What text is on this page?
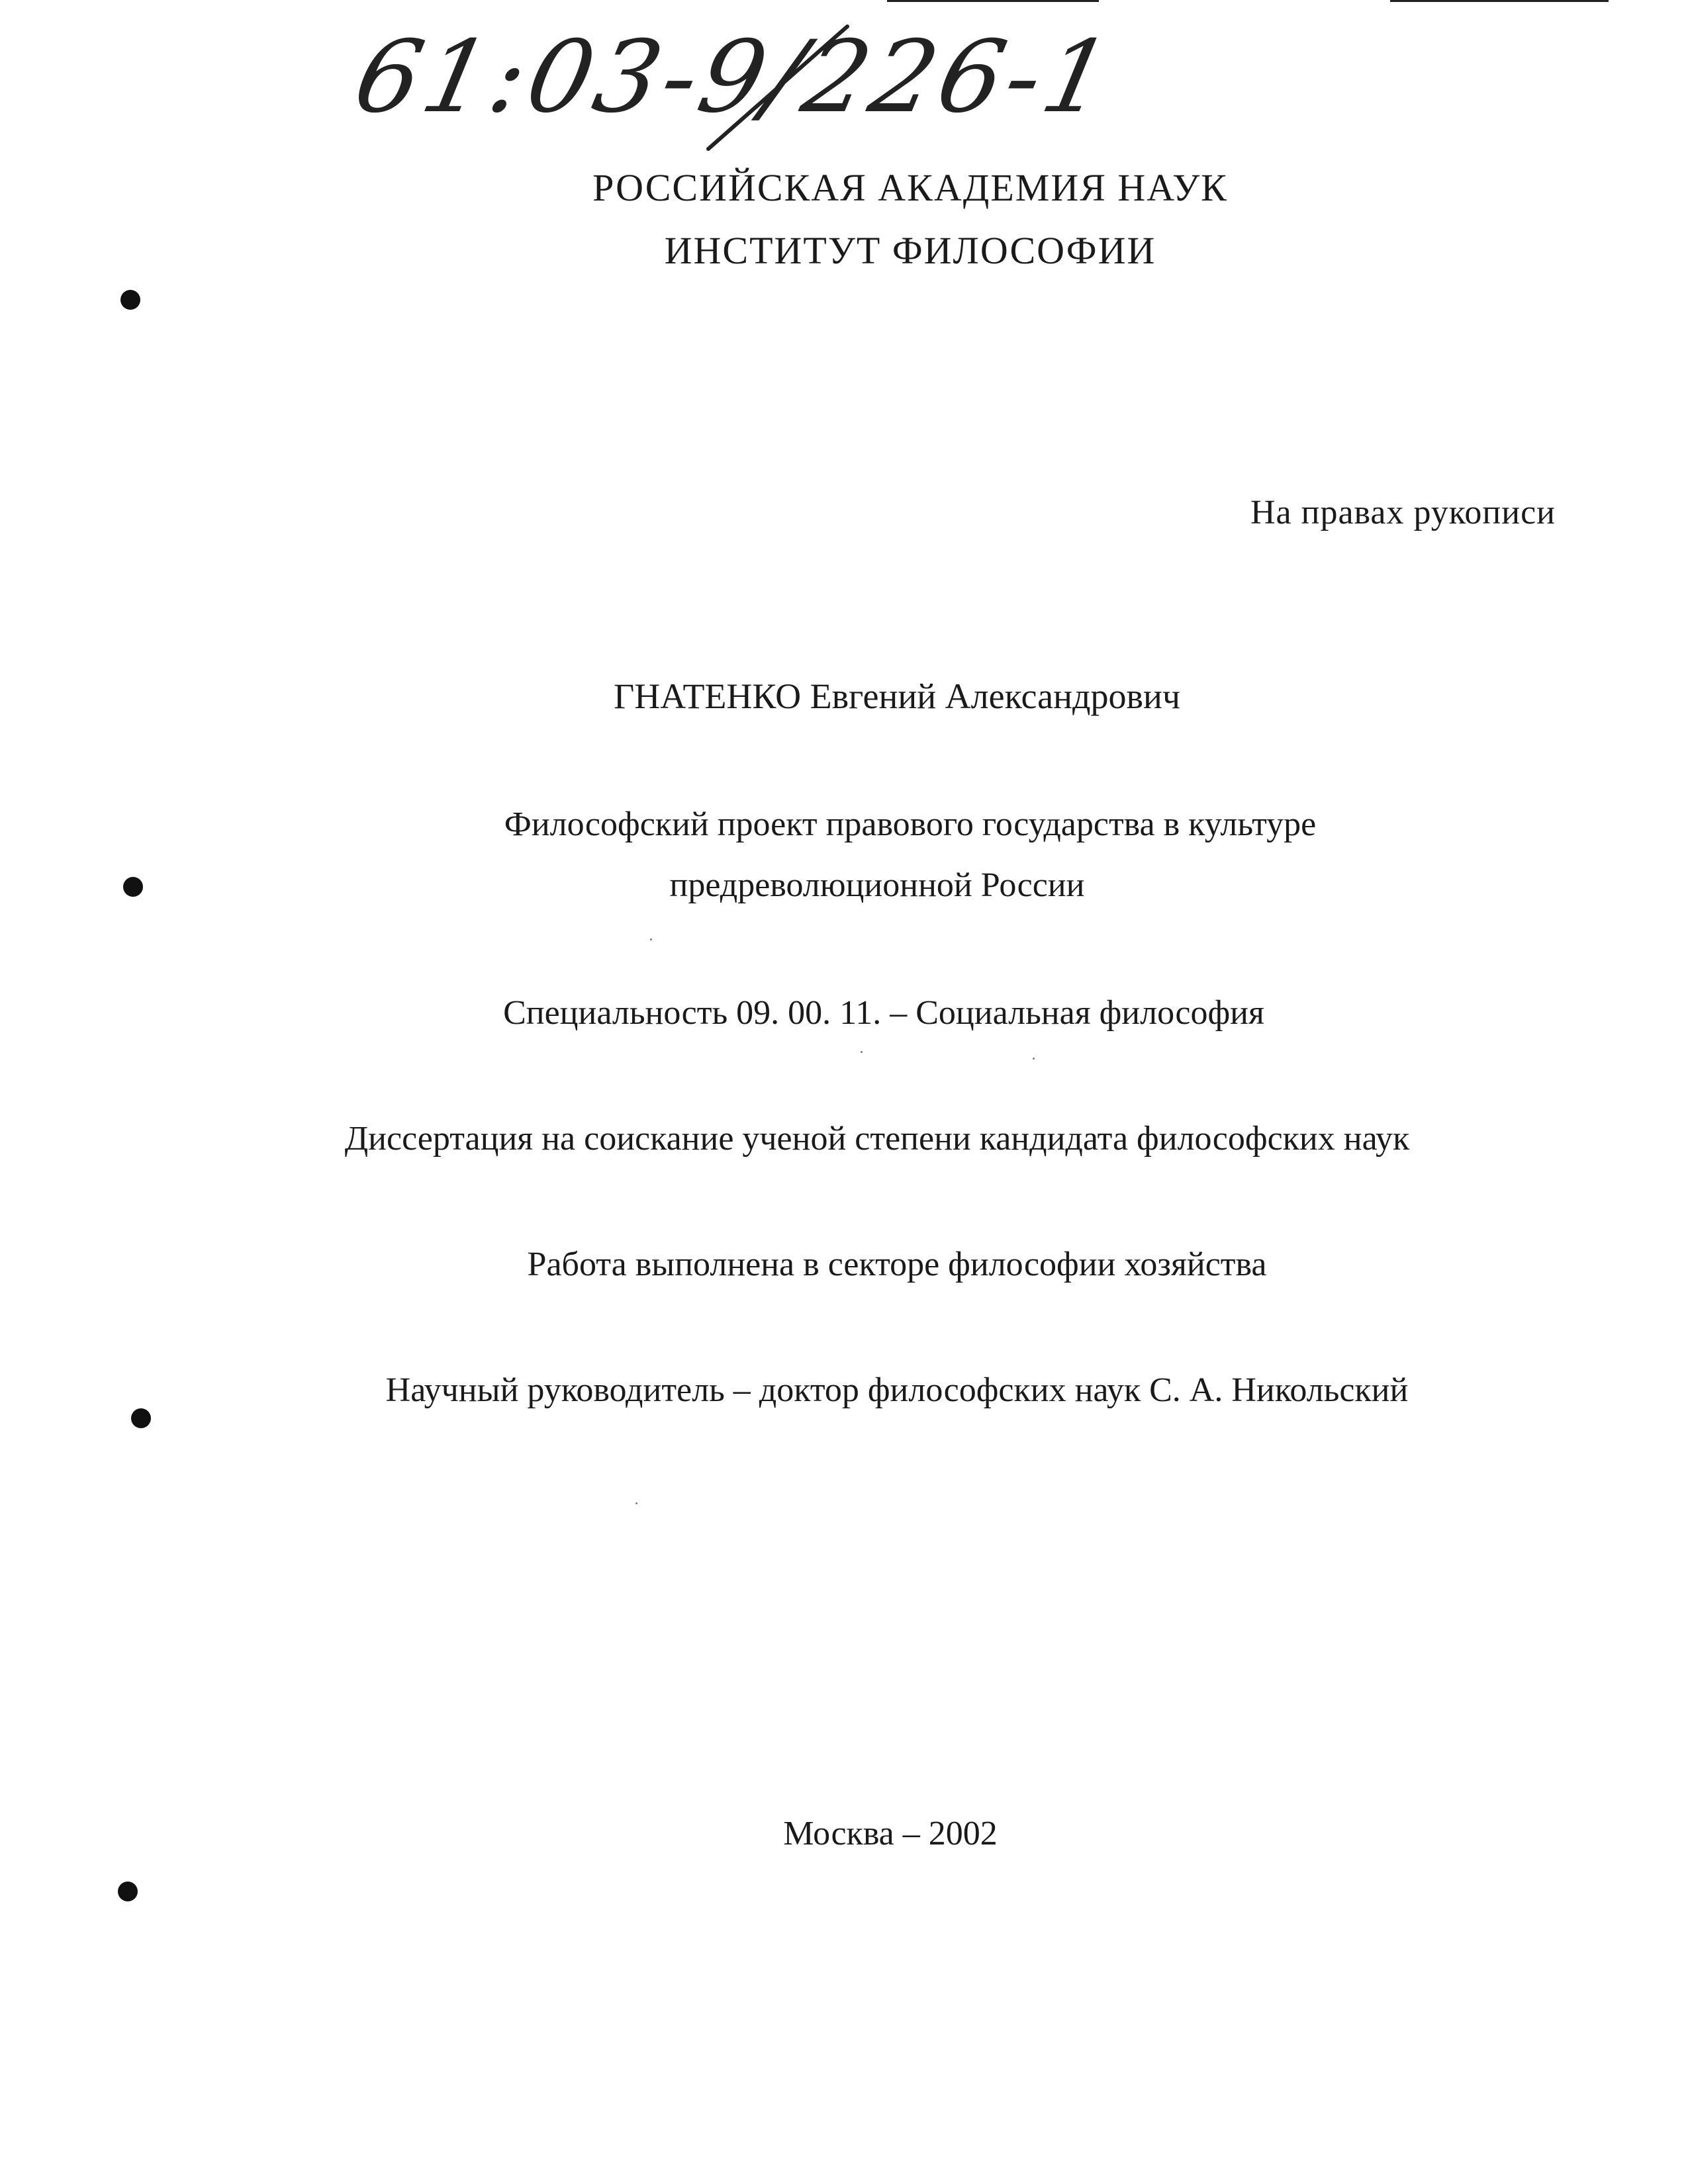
61:03-9/226-1
РОССИЙСКАЯ АКАДЕМИЯ НАУК
ИНСТИТУТ ФИЛОСОФИИ
На правах рукописи
ГНАТЕНКО Евгений Александрович
Философский проект правового государства в культуре
предреволюционной России
Специальность 09. 00. 11. – Социальная философия
Диссертация на соискание ученой степени кандидата философских наук
Работа выполнена в секторе философии хозяйства
Научный руководитель – доктор философских наук С. А. Никольский
Москва – 2002
